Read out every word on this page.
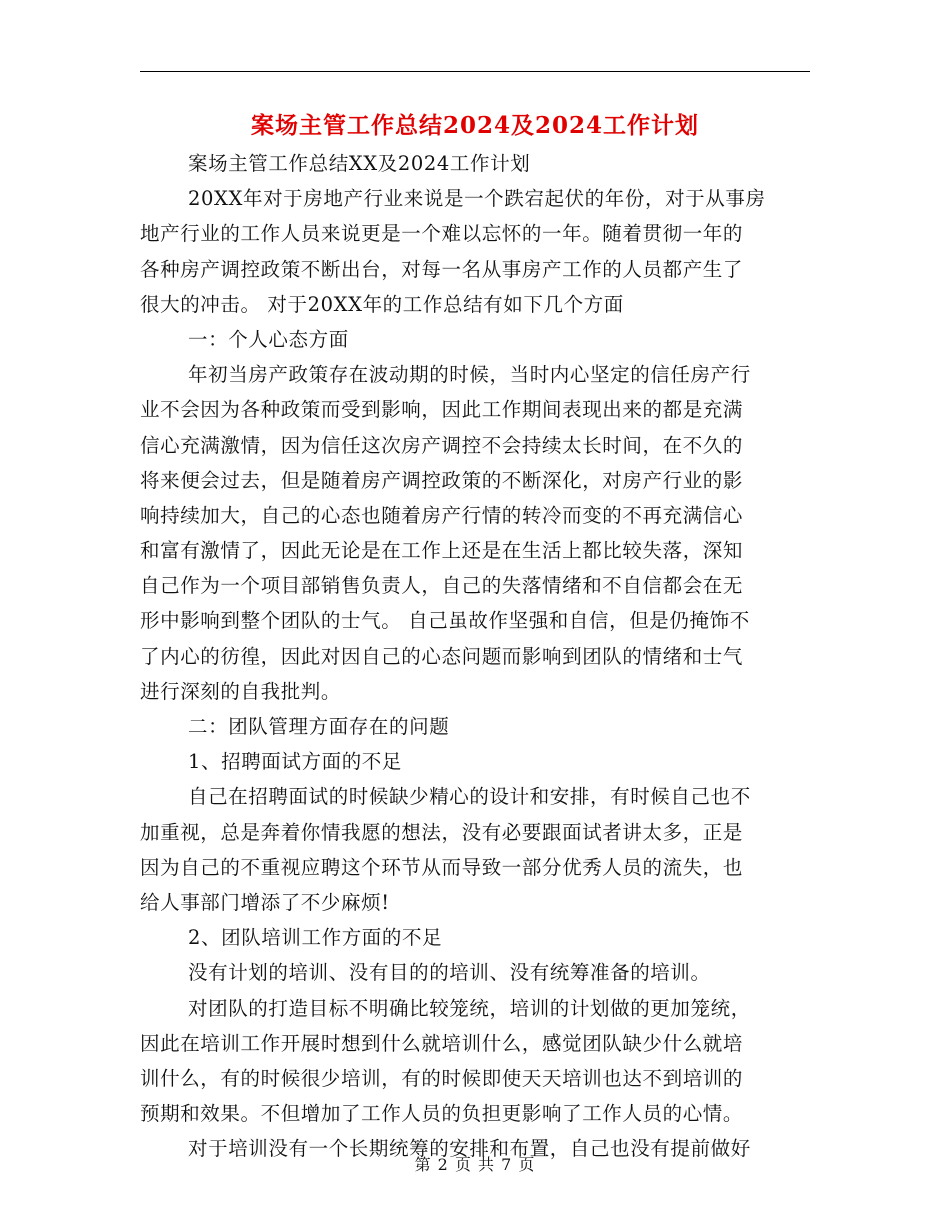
案场主管工作总结2024及2024工作计划
案场主管工作总结XX及2024工作计划
20XX年对于房地产行业来说是一个跌宕起伏的年份，对于从事房
地产行业的工作人员来说更是一个难以忘怀的一年。随着贯彻一年的
各种房产调控政策不断出台，对每一名从事房产工作的人员都产生了
很大的冲击。 对于20XX年的工作总结有如下几个方面
一：个人心态方面
年初当房产政策存在波动期的时候，当时内心坚定的信任房产行
业不会因为各种政策而受到影响，因此工作期间表现出来的都是充满
信心充满激情，因为信任这次房产调控不会持续太长时间，在不久的
将来便会过去，但是随着房产调控政策的不断深化，对房产行业的影
响持续加大，自己的心态也随着房产行情的转冷而变的不再充满信心
和富有激情了，因此无论是在工作上还是在生活上都比较失落，深知
自己作为一个项目部销售负责人，自己的失落情绪和不自信都会在无
形中影响到整个团队的士气。 自己虽故作坚强和自信，但是仍掩饰不
了内心的彷徨，因此对因自己的心态问题而影响到团队的情绪和士气
进行深刻的自我批判。
二：团队管理方面存在的问题
1、招聘面试方面的不足
自己在招聘面试的时候缺少精心的设计和安排，有时候自己也不
加重视，总是奔着你情我愿的想法，没有必要跟面试者讲太多，正是
因为自己的不重视应聘这个环节从而导致一部分优秀人员的流失，也
给人事部门增添了不少麻烦!
2、团队培训工作方面的不足
没有计划的培训、没有目的的培训、没有统筹准备的培训。
对团队的打造目标不明确比较笼统，培训的计划做的更加笼统，
因此在培训工作开展时想到什么就培训什么，感觉团队缺少什么就培
训什么，有的时候很少培训，有的时候即使天天培训也达不到培训的
预期和效果。不但增加了工作人员的负担更影响了工作人员的心情。
对于培训没有一个长期统筹的安排和布置，自己也没有提前做好
第 2 页 共 7 页
